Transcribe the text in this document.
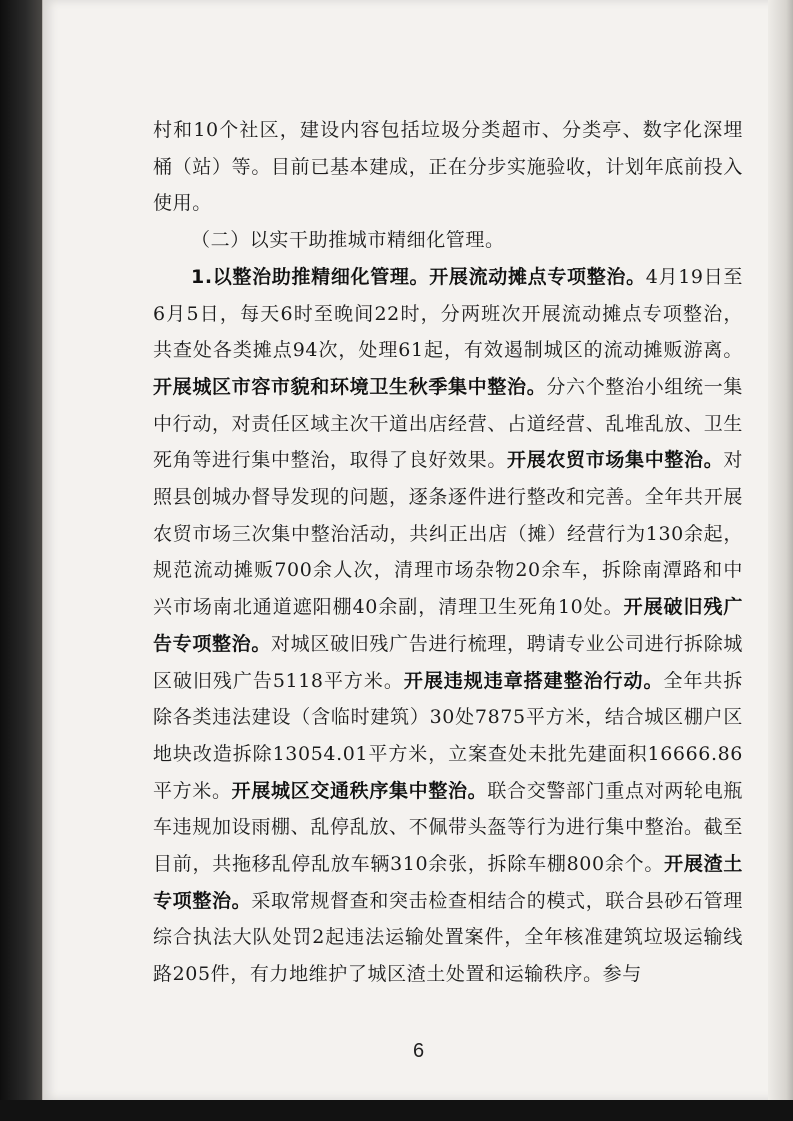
村和10个社区，建设内容包括垃圾分类超市、分类亭、数字化深埋桶（站）等。目前已基本建成，正在分步实施验收，计划年底前投入使用。

（二）以实干助推城市精细化管理。

1.以整治助推精细化管理。开展流动摊点专项整治。4月19日至6月5日，每天6时至晚间22时，分两班次开展流动摊点专项整治，共查处各类摊点94次，处理61起，有效遏制城区的流动摊贩游离。开展城区市容市貌和环境卫生秋季集中整治。分六个整治小组统一集中行动，对责任区域主次干道出店经营、占道经营、乱堆乱放、卫生死角等进行集中整治，取得了良好效果。开展农贸市场集中整治。对照县创城办督导发现的问题，逐条逐件进行整改和完善。全年共开展农贸市场三次集中整治活动，共纠正出店（摊）经营行为130余起，规范流动摊贩700余人次，清理市场杂物20余车，拆除南潭路和中兴市场南北通道遮阳棚40余副，清理卫生死角10处。开展破旧残广告专项整治。对城区破旧残广告进行梳理，聘请专业公司进行拆除城区破旧残广告5118平方米。开展违规违章搭建整治行动。全年共拆除各类违法建设（含临时建筑）30处7875平方米，结合城区棚户区地块改造拆除13054.01平方米，立案查处未批先建面积16666.86平方米。开展城区交通秩序集中整治。联合交警部门重点对两轮电瓶车违规加设雨棚、乱停乱放、不佩带头盔等行为进行集中整治。截至目前，共拖移乱停乱放车辆310余张，拆除车棚800余个。开展渣土专项整治。采取常规督查和突击检查相结合的模式，联合县砂石管理综合执法大队处罚2起违法运输处置案件，全年核准建筑垃圾运输线路205件，有力地维护了城区渣土处置和运输秩序。参与

6
